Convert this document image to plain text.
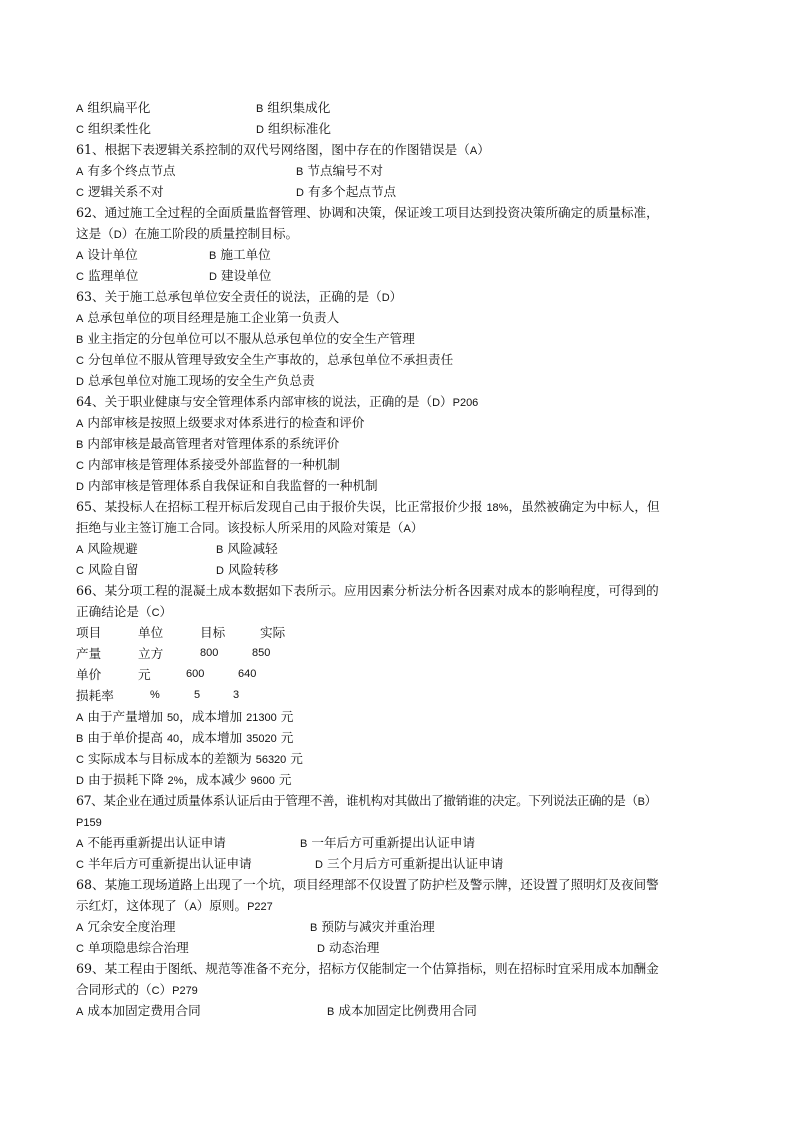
A 组织扁平化	B 组织集成化
C 组织柔性化	D 组织标准化
61、根据下表逻辑关系控制的双代号网络图，图中存在的作图错误是（A）
A 有多个终点节点	B 节点编号不对
C 逻辑关系不对	D 有多个起点节点
62、通过施工全过程的全面质量监督管理、协调和决策，保证竣工项目达到投资决策所确定的质量标准，
这是（D）在施工阶段的质量控制目标。
A 设计单位	B 施工单位
C 监理单位	D 建设单位
63、关于施工总承包单位安全责任的说法，正确的是（D）
A 总承包单位的项目经理是施工企业第一负责人
B 业主指定的分包单位可以不服从总承包单位的安全生产管理
C 分包单位不服从管理导致安全生产事故的，总承包单位不承担责任
D 总承包单位对施工现场的安全生产负总责
64、关于职业健康与安全管理体系内部审核的说法，正确的是（D）P206
A 内部审核是按照上级要求对体系进行的检查和评价
B 内部审核是最高管理者对管理体系的系统评价
C 内部审核是管理体系接受外部监督的一种机制
D 内部审核是管理体系自我保证和自我监督的一种机制
65、某投标人在招标工程开标后发现自己由于报价失误，比正常报价少报 18%，虽然被确定为中标人，但
拒绝与业主签订施工合同。该投标人所采用的风险对策是（A）
A 风险规避	B 风险减轻
C 风险自留	D 风险转移
66、某分项工程的混凝土成本数据如下表所示。应用因素分析法分析各因素对成本的影响程度，可得到的
正确结论是（C）
项目	单位	目标	实际
产量	立方	800	850
单价	元	600	640
损耗率	%	5	3
A 由于产量增加 50，成本增加 21300 元
B 由于单价提高 40，成本增加 35020 元
C 实际成本与目标成本的差额为 56320 元
D 由于损耗下降 2%，成本减少 9600 元
67、某企业在通过质量体系认证后由于管理不善，谁机构对其做出了撤销谁的决定。下列说法正确的是（B）
P159
A 不能再重新提出认证申请	B 一年后方可重新提出认证申请
C 半年后方可重新提出认证申请	D 三个月后方可重新提出认证申请
68、某施工现场道路上出现了一个坑，项目经理部不仅设置了防护栏及警示牌，还设置了照明灯及夜间警
示红灯，这体现了（A）原则。P227
A 冗余安全度治理	B 预防与减灾并重治理
C 单项隐患综合治理	D 动态治理
69、某工程由于图纸、规范等准备不充分，招标方仅能制定一个估算指标，则在招标时宜采用成本加酬金
合同形式的（C）P279
A 成本加固定费用合同	B 成本加固定比例费用合同
